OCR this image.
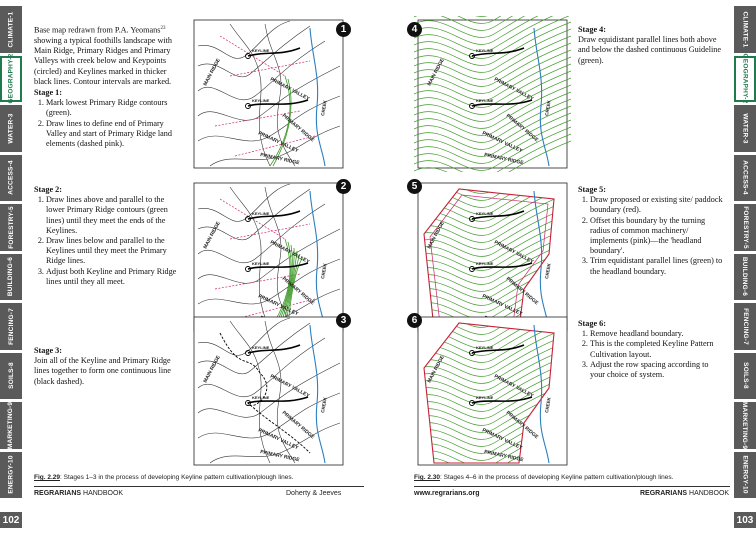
CLIMATE-1
GEOGRAPHY-2
WATER-3
ACCESS-4
FORESTRY-5
BUILDING-6
FENCING-7
SOILS-8
MARKETING-9
ENERGY-10
102

Base map redrawn from P.A. Yeomans$^{23}$ showing a typical foothills landscape with Main Ridge, Primary Ridges and Primary Valleys with creek below and Keypoints (circled) and Keylines marked in thicker black lines. Contour intervals are marked.

Stage 1:

1. Mark lowest Primary Ridge contours (green).
2. Draw lines to define end of Primary Valley and start of Primary Ridge land elements (dashed pink).

Stage 2:

1. Draw lines above and parallel to the lower Primary Ridge contours (green lines) until they meet the ends of the Keylines.
2. Draw lines below and parallel to the Keylines until they meet the Primary Ridge lines.
3. Adjust both Keyline and Primary Ridge lines until they all meet.

Stage 3:

Join all of the Keyline and Primary Ridge lines together to form one continuous line (black dashed).

MAIN RIDGE
PRIMARY VALLEY
PRIMARY VALLEY
PRIMARY RIDGE
PRIMARY RIDGE
KEYLINE
KEYLINE	CREEK
1
MAIN RIDGE
PRIMARY VALLEY
PRIMARY VALLEY
PRIMARY RIDGE
KEYLINE
KEYLINE	CREEK
2
MAIN RIDGE
PRIMARY VALLEY
PRIMARY VALLEY
PRIMARY RIDGE
PRIMARY RIDGE
KEYLINE
KEYLINE	CREEK
3
Fig. 2.29: Stages 1–3 in the process of developing Keyline pattern cultivation/plough lines.
REGRARIANS HANDBOOK	Doherty & Jeeves
CLIMATE-1
GEOGRAPHY-2
WATER-3
ACCESS-4
FORESTRY-5
BUILDING-6
FENCING-7
SOILS-8
MARKETING-9
ENERGY-10
103
MAIN RIDGE
PRIMARY VALLEY
PRIMARY VALLEY
PRIMARY RIDGE
PRIMARY RIDGE
KEYLINE
KEYLINE	CREEK
4
MAIN RIDGE
PRIMARY VALLEY
PRIMARY VALLEY
PRIMARY RIDGE
KEYLINE
KEYLINE	CREEK
5
MAIN RIDGE
PRIMARY VALLEY
PRIMARY VALLEY
PRIMARY RIDGE
PRIMARY RIDGE
KEYLINE
KEYLINE	CREEK
6

Stage 4:

Draw equidistant parallel lines both above and below the dashed continuous Guideline (green).

Stage 5:

1. Draw proposed or existing site/ paddock boundary (red).
2. Offset this boundary by the turning radius of common machinery/ implements (pink)—the 'headland boundary'.
3. Trim equidistant parallel lines (green) to the headland boundary.

Stage 6:

1. Remove headland boundary.
2. This is the completed Keyline Pattern Cultivation layout.
3. Adjust the row spacing according to your choice of system.
Fig. 2.30: Stages 4–6 in the process of developing Keyline pattern cultivation/plough lines.
www.regrarians.org	REGRARIANS HANDBOOK
